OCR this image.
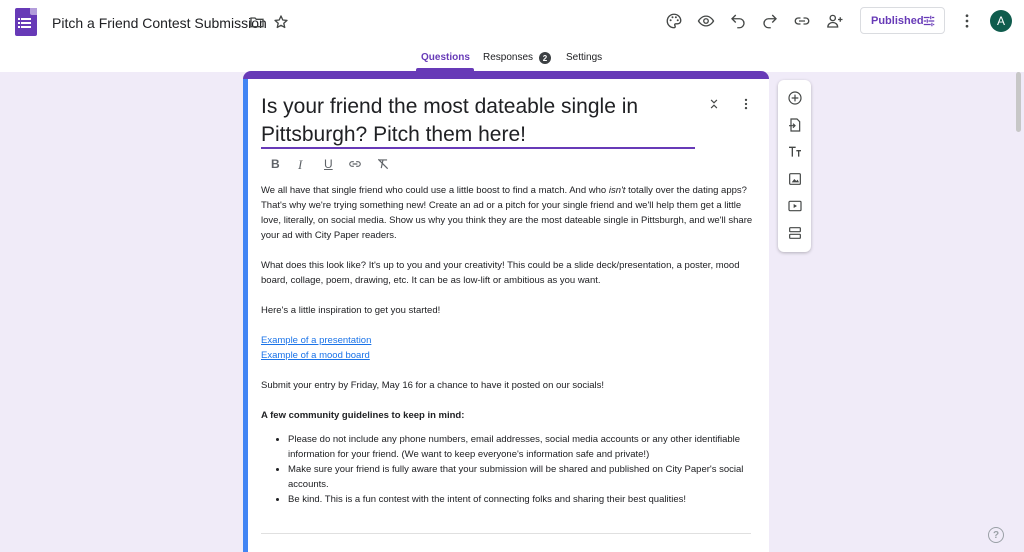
Pitch a Friend Contest Submission	Published	A
Questions Responses	2	Settings
Is your friend the most dateable single in Pittsburgh? Pitch them here!
B I U

We all have that single friend who could use a little boost to find a match. And who isn't totally over the dating apps? That's why we're trying something new! Create an ad or a pitch for your single friend and we'll help them get a little love, literally, on social media. Show us why you think they are the most dateable single in Pittsburgh, and we'll share your ad with City Paper readers.

What does this look like? It's up to you and your creativity! This could be a slide deck/presentation, a poster, mood board, collage, poem, drawing, etc. It can be as low-lift or ambitious as you want.

Here's a little inspiration to get you started!

Example of a presentation
Example of a mood board

Submit your entry by Friday, May 16 for a chance to have it posted on our socials!

A few community guidelines to keep in mind:

• Please do not include any phone numbers, email addresses, social media accounts or any other identifiable information for your friend. (We want to keep everyone's information safe and private!)
• Make sure your friend is fully aware that your submission will be shared and published on City Paper's social accounts.
• Be kind. This is a fun contest with the intent of connecting folks and sharing their best qualities!
?
